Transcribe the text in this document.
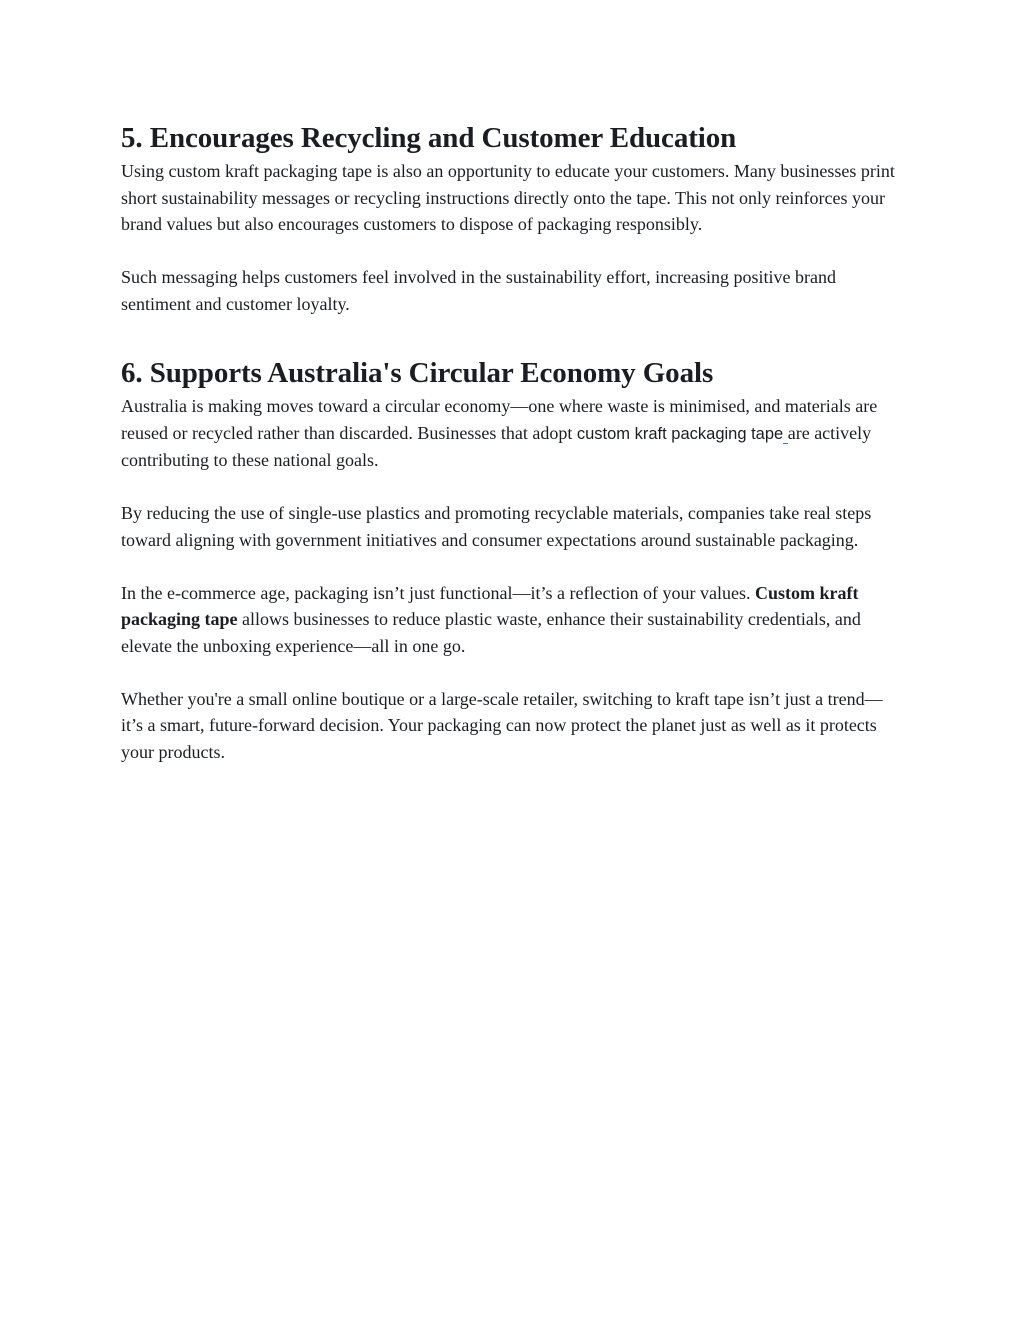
5. Encourages Recycling and Customer Education

Using custom kraft packaging tape is also an opportunity to educate your customers. Many businesses print short sustainability messages or recycling instructions directly onto the tape. This not only reinforces your brand values but also encourages customers to dispose of packaging responsibly.

Such messaging helps customers feel involved in the sustainability effort, increasing positive brand sentiment and customer loyalty.

6. Supports Australia's Circular Economy Goals

Australia is making moves toward a circular economy—one where waste is minimised, and materials are reused or recycled rather than discarded. Businesses that adopt custom kraft packaging tape are actively contributing to these national goals.

By reducing the use of single-use plastics and promoting recyclable materials, companies take real steps toward aligning with government initiatives and consumer expectations around sustainable packaging.

In the e-commerce age, packaging isn’t just functional—it’s a reflection of your values. Custom kraft packaging tape allows businesses to reduce plastic waste, enhance their sustainability credentials, and elevate the unboxing experience—all in one go.

Whether you're a small online boutique or a large-scale retailer, switching to kraft tape isn’t just a trend—it’s a smart, future-forward decision. Your packaging can now protect the planet just as well as it protects your products.
